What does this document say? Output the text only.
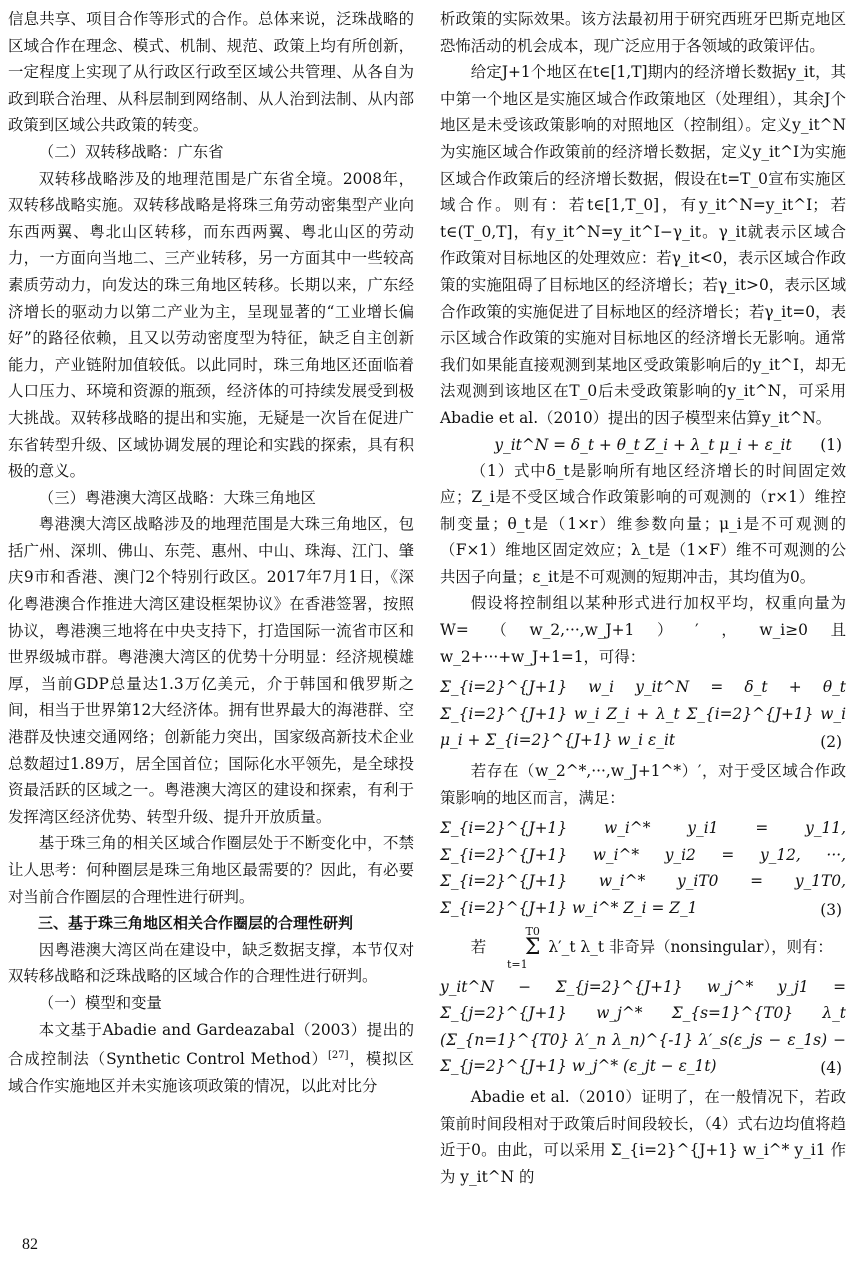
信息共享、项目合作等形式的合作。总体来说，泛珠战略的区域合作在理念、模式、机制、规范、政策上均有所创新，一定程度上实现了从行政区行政至区域公共管理、从各自为政到联合治理、从科层制到网络制、从人治到法制、从内部政策到区域公共政策的转变。

（二）双转移战略：广东省

双转移战略涉及的地理范围是广东省全境。2008年，双转移战略实施。双转移战略是将珠三角劳动密集型产业向东西两翼、粤北山区转移，而东西两翼、粤北山区的劳动力，一方面向当地二、三产业转移，另一方面其中一些较高素质劳动力，向发达的珠三角地区转移。长期以来，广东经济增长的驱动力以第二产业为主，呈现显著的“工业增长偏好”的路径依赖，且又以劳动密度型为特征，缺乏自主创新能力，产业链附加值较低。以此同时，珠三角地区还面临着人口压力、环境和资源的瓶颈，经济体的可持续发展受到极大挑战。双转移战略的提出和实施，无疑是一次旨在促进广东省转型升级、区域协调发展的理论和实践的探索，具有积极的意义。

（三）粤港澳大湾区战略：大珠三角地区

粤港澳大湾区战略涉及的地理范围是大珠三角地区，包括广州、深圳、佛山、东莞、惠州、中山、珠海、江门、肇庆9市和香港、澳门2个特别行政区。2017年7月1日，《深化粤港澳合作推进大湾区建设框架协议》在香港签署，按照协议，粤港澳三地将在中央支持下，打造国际一流省市区和世界级城市群。粤港澳大湾区的优势十分明显：经济规模雄厚，当前GDP总量达1.3万亿美元，介于韩国和俄罗斯之间，相当于世界第12大经济体。拥有世界最大的海港群、空港群及快速交通网络；创新能力突出，国家级高新技术企业总数超过1.89万，居全国首位；国际化水平领先，是全球投资最活跃的区域之一。粤港澳大湾区的建设和探索，有利于发挥湾区经济优势、转型升级、提升开放质量。

基于珠三角的相关区域合作圈层处于不断变化中，不禁让人思考：何种圈层是珠三角地区最需要的？因此，有必要对当前合作圈层的合理性进行研判。

三、基于珠三角地区相关合作圈层的合理性研判

因粤港澳大湾区尚在建设中，缺乏数据支撑，本节仅对双转移战略和泛珠战略的区域合作的合理性进行研判。

（一）模型和变量

本文基于Abadie and Gardeazabal（2003）提出的合成控制法（Synthetic Control Method）[27]，模拟区域合作实施地区并未实施该项政策的情况，以此对比分

析政策的实际效果。该方法最初用于研究西班牙巴斯克地区恐怖活动的机会成本，现广泛应用于各领域的政策评估。

给定J+1个地区在t∈[1,T]期内的经济增长数据y_it，其中第一个地区是实施区域合作政策地区（处理组），其余J个地区是未受该政策影响的对照地区（控制组）。定义y_it^N为实施区域合作政策前的经济增长数据，定义y_it^I为实施区域合作政策后的经济增长数据，假设在t=T_0宣布实施区域合作。则有：若t∈[1,T_0]，有y_it^N=y_it^I；若t∈(T_0,T]，有y_it^N=y_it^I−γ_it。γ_it就表示区域合作政策对目标地区的处理效应：若γ_it<0，表示区域合作政策的实施阻碍了目标地区的经济增长；若γ_it>0，表示区域合作政策的实施促进了目标地区的经济增长；若γ_it=0，表示区域合作政策的实施对目标地区的经济增长无影响。通常我们如果能直接观测到某地区受政策影响后的y_it^I，却无法观测到该地区在T_0后未受政策影响的y_it^N，可采用Abadie et al.（2010）提出的因子模型来估算y_it^N。

y_it^N = δ_t + θ_t Z_i + λ_t μ_i + ε_it (1)

（1）式中δ_t是影响所有地区经济增长的时间固定效应；Z_i是不受区域合作政策影响的可观测的（r×1）维控制变量；θ_t是（1×r）维参数向量；μ_i是不可观测的（F×1）维地区固定效应；λ_t是（1×F）维不可观测的公共因子向量；ε_it是不可观测的短期冲击，其均值为0。

假设将控制组以某种形式进行加权平均，权重向量为W=（w_2,···,w_J+1）′，w_i≥0且w_2+···+w_J+1=1，可得：

Σ_{i=2}^{J+1} w_i y_it^N = δ_t + θ_t Σ_{i=2}^{J+1} w_i Z_i + λ_t Σ_{i=2}^{J+1} w_i μ_i + Σ_{i=2}^{J+1} w_i ε_it	(2)

若存在（w_2^*,···,w_J+1^*）′，对于受区域合作政策影响的地区而言，满足：

Σ_{i=2}^{J+1} w_i^* y_i1 = y_11, Σ_{i=2}^{J+1} w_i^* y_i2 = y_12, ···, Σ_{i=2}^{J+1} w_i^* y_iT0 = y_1T0, Σ_{i=2}^{J+1} w_i^* Z_i = Z_1	(3)

若 T0
Σ
t=1 λ′_t λ_t 非奇异（nonsingular），则有：

y_it^N − Σ_{j=2}^{J+1} w_j^* y_j1 = Σ_{j=2}^{J+1} w_j^* Σ_{s=1}^{T0} λ_t (Σ_{n=1}^{T0} λ′_n λ_n)^{-1} λ′_s(ε_js − ε_1s) − Σ_{j=2}^{J+1} w_j^* (ε_jt − ε_1t)	(4)

Abadie et al.（2010）证明了，在一般情况下，若政策前时间段相对于政策后时间段较长，（4）式右边均值将趋近于0。由此，可以采用 Σ_{i=2}^{J+1} w_i^* y_i1 作为 y_it^N 的

82
